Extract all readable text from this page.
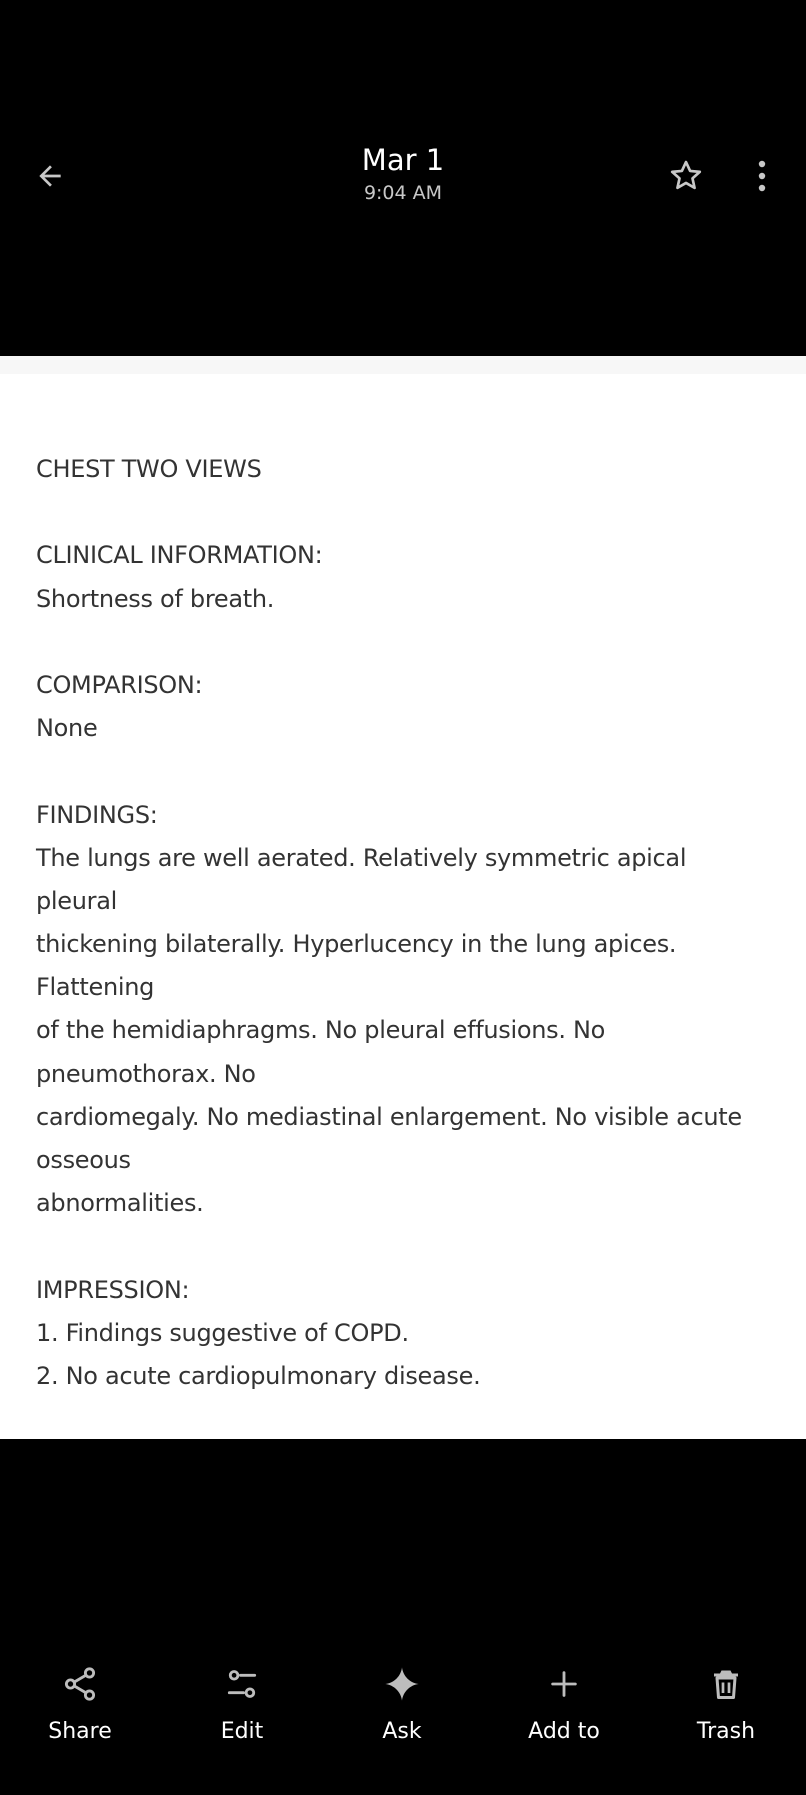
Mar 1
9:04 AM
CHEST TWO VIEWS
CLINICAL INFORMATION:
Shortness of breath.
COMPARISON:
None
FINDINGS:
The lungs are well aerated. Relatively symmetric apical
pleural
thickening bilaterally. Hyperlucency in the lung apices.
Flattening
of the hemidiaphragms. No pleural effusions. No
pneumothorax. No
cardiomegaly. No mediastinal enlargement. No visible acute
osseous
abnormalities.
IMPRESSION:
1. Findings suggestive of COPD.
2. No acute cardiopulmonary disease.
Share	Edit	Ask	Add to	Trash
